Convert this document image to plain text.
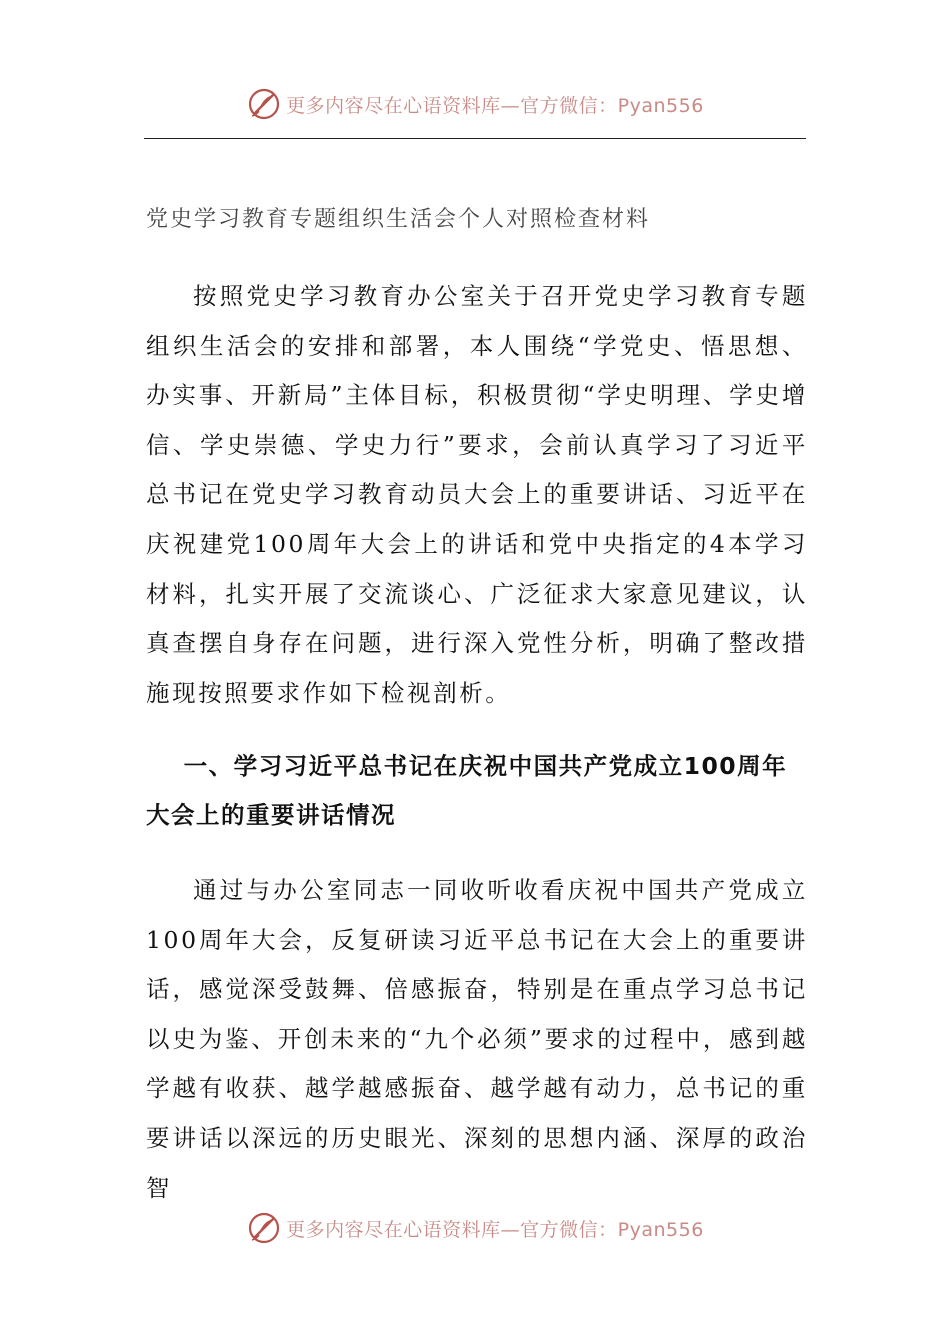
更多内容尽在心语资料库—官方微信：Pyan556
党史学习教育专题组织生活会个人对照检查材料

按照党史学习教育办公室关于召开党史学习教育专题组织生活会的安排和部署，本人围绕“学党史、悟思想、办实事、开新局”主体目标，积极贯彻“学史明理、学史增信、学史崇德、学史力行”要求，会前认真学习了习近平总书记在党史学习教育动员大会上的重要讲话、习近平在庆祝建党100周年大会上的讲话和党中央指定的4本学习材料，扎实开展了交流谈心、广泛征求大家意见建议，认真查摆自身存在问题，进行深入党性分析，明确了整改措施现按照要求作如下检视剖析。

一、学习习近平总书记在庆祝中国共产党成立100周年大会上的重要讲话情况

通过与办公室同志一同收听收看庆祝中国共产党成立100周年大会，反复研读习近平总书记在大会上的重要讲话，感觉深受鼓舞、倍感振奋，特别是在重点学习总书记以史为鉴、开创未来的“九个必须”要求的过程中，感到越学越有收获、越学越感振奋、越学越有动力，总书记的重要讲话以深远的历史眼光、深刻的思想内涵、深厚的政治智

更多内容尽在心语资料库—官方微信：Pyan556
